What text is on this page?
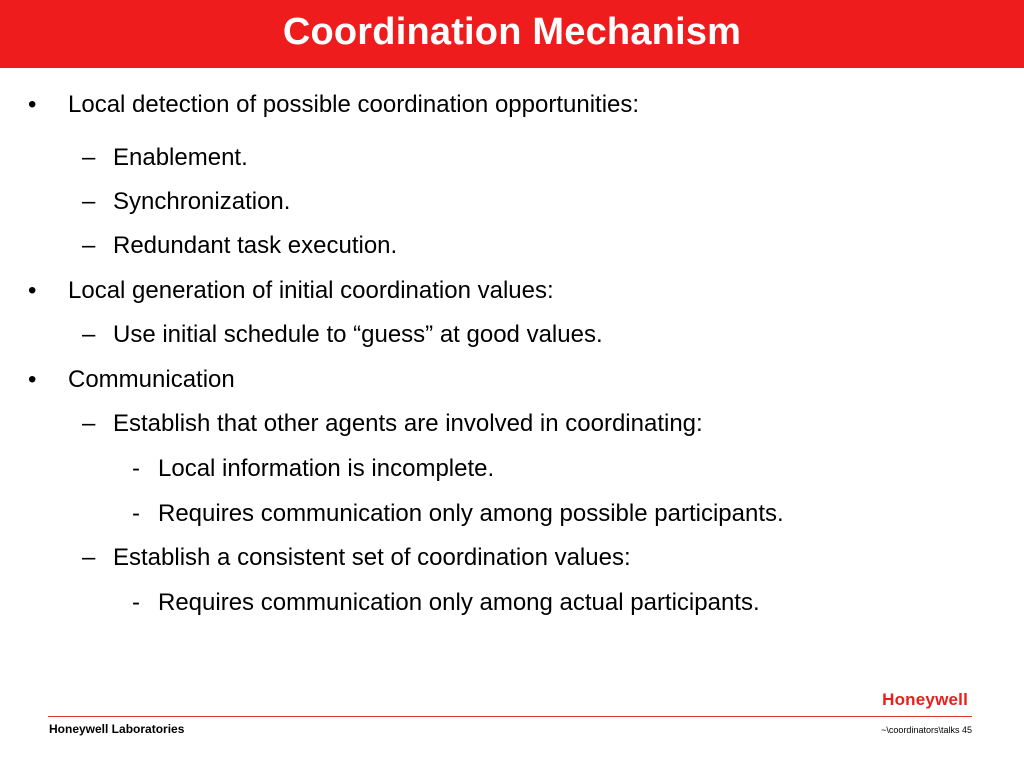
Coordination Mechanism
• Local detection of possible coordination opportunities:
– Enablement.
– Synchronization.
– Redundant task execution.
• Local generation of initial coordination values:
– Use initial schedule to “guess” at good values.
• Communication
– Establish that other agents are involved in coordinating:
- Local information is incomplete.
- Requires communication only among possible participants.
– Establish a consistent set of coordination values:
- Requires communication only among actual participants.
Honeywell
Honeywell Laboratories	~\coordinators\talks 45
